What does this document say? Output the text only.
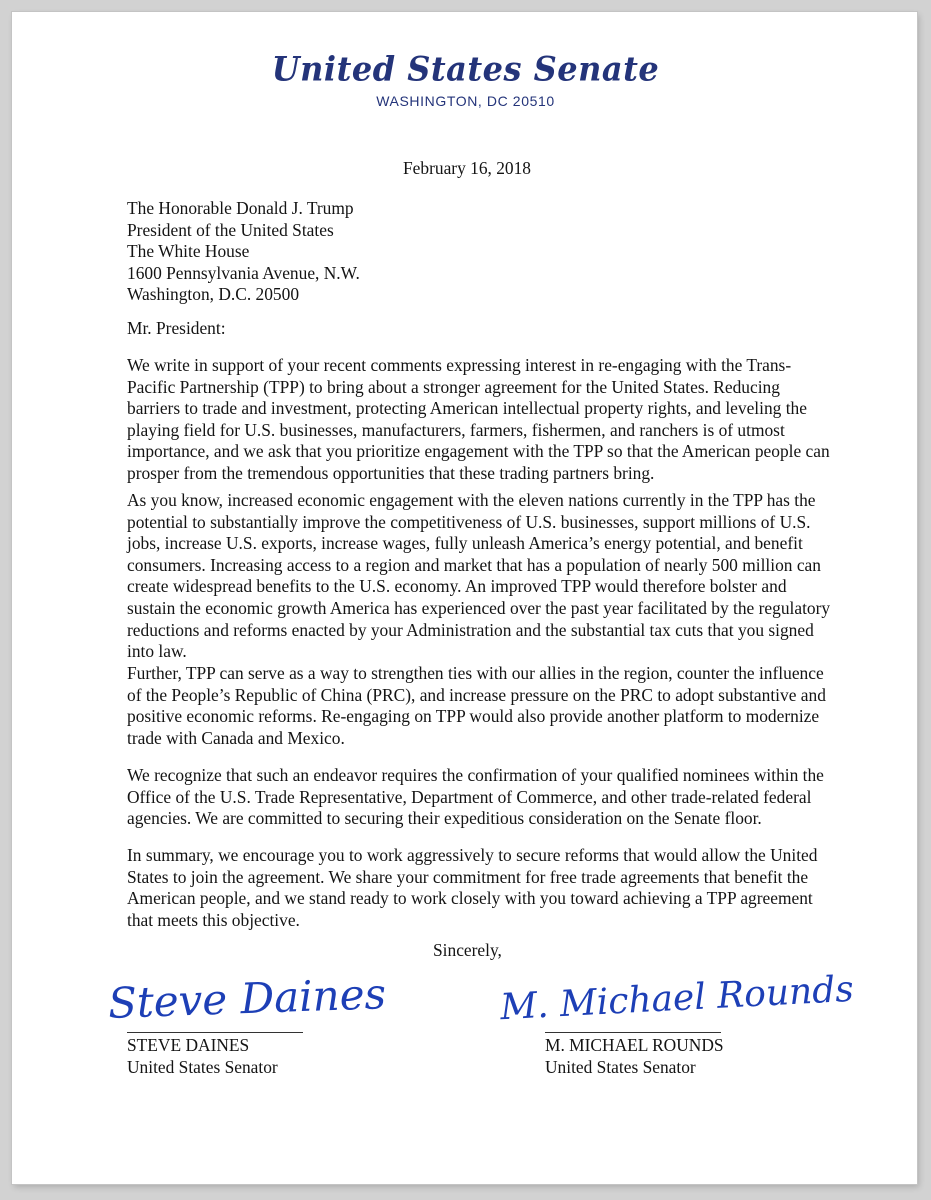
United States Senate
WASHINGTON, DC 20510
February 16, 2018
The Honorable Donald J. Trump
President of the United States
The White House
1600 Pennsylvania Avenue, N.W.
Washington, D.C. 20500
Mr. President:
We write in support of your recent comments expressing interest in re-engaging with the Trans-
Pacific Partnership (TPP) to bring about a stronger agreement for the United States. Reducing
barriers to trade and investment, protecting American intellectual property rights, and leveling the
playing field for U.S. businesses, manufacturers, farmers, fishermen, and ranchers is of utmost
importance, and we ask that you prioritize engagement with the TPP so that the American people can
prosper from the tremendous opportunities that these trading partners bring.
As you know, increased economic engagement with the eleven nations currently in the TPP has the
potential to substantially improve the competitiveness of U.S. businesses, support millions of U.S.
jobs, increase U.S. exports, increase wages, fully unleash America’s energy potential, and benefit
consumers. Increasing access to a region and market that has a population of nearly 500 million can
create widespread benefits to the U.S. economy. An improved TPP would therefore bolster and
sustain the economic growth America has experienced over the past year facilitated by the regulatory
reductions and reforms enacted by your Administration and the substantial tax cuts that you signed
into law.
Further, TPP can serve as a way to strengthen ties with our allies in the region, counter the influence
of the People’s Republic of China (PRC), and increase pressure on the PRC to adopt substantive and
positive economic reforms. Re-engaging on TPP would also provide another platform to modernize
trade with Canada and Mexico.
We recognize that such an endeavor requires the confirmation of your qualified nominees within the
Office of the U.S. Trade Representative, Department of Commerce, and other trade-related federal
agencies. We are committed to securing their expeditious consideration on the Senate floor.
In summary, we encourage you to work aggressively to secure reforms that would allow the United
States to join the agreement. We share your commitment for free trade agreements that benefit the
American people, and we stand ready to work closely with you toward achieving a TPP agreement
that meets this objective.
Sincerely,
Steve Daines
STEVE DAINES
United States Senator
M. Michael Rounds
M. MICHAEL ROUNDS
United States Senator
